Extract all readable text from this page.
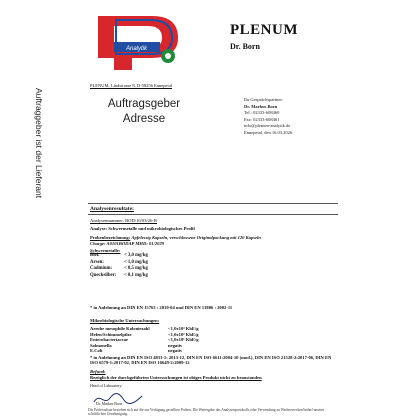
Auftraggeber ist der Lieferant
Analytik
PLENUM
Dr. Born
PLENUM, Lindstrasse 8, D-58256 Ennepetal
Auftragsgeber
Adresse
Ihr Gesprächspartner:
Dr. Markus Born
Tel.: 02333-608460
Fax: 02333-608461
info@plenum-analytik.de
Ennepetal, den 16.03.2026
Analysenresultate:
Analysennummer: BOD/16/03/26-B
Analyse: Schwermetalle und mikrobiologisches Profil
Probenbezeichnung: Apfelessig Kapseln, verschlossene Originalpackung mit 120 Kapseln
Charge: A0101BODAP MHD: 01/2029
Schwermetalle:
Blei:	< 3,0 mg/kg
Arsen:	< 1,0 mg/kg
Cadmium:	< 0,5 mg/kg
Quecksilber:	< 0,1 mg/kg
* in Anlehnung an DIN EN 15763 : 2010-04 und DIN EN 13806 : 2002-11
Mikrobiologische Untersuchungen:
Aerobe mesophile Koloniezahl	<1,0x10³ KbE/g
Hefen/Schimmelpilze	<1,0x10² KbE/g
Enterobacteriaceae	<1,0x10¹ KbE/g
Salmonella	negativ
E.Coli	negativ
* in Anlehnung an DIN EN ISO 4833-1: 2013-12, DIN EN ISO 6611:2004-10 (mod.), DIN EN ISO 21528-2:2017-06, DIN EN ISO 6579-1:2017-02, DIN EN ISO 16649-2:2009-12
Befund:
Bezüglich der durchgeführten Untersuchungen ist obiges Produkt nicht zu beanstanden
Head of Laboratory:
Dr. Markus Born
Die Prüfresultate beziehen sich auf die zur Verfügung gestellten Proben. Die Weitergabe des Analysenprotokolls oder Verwendung zu Werbezwecken bedarf unserer schriftlichen Genehmigung.
